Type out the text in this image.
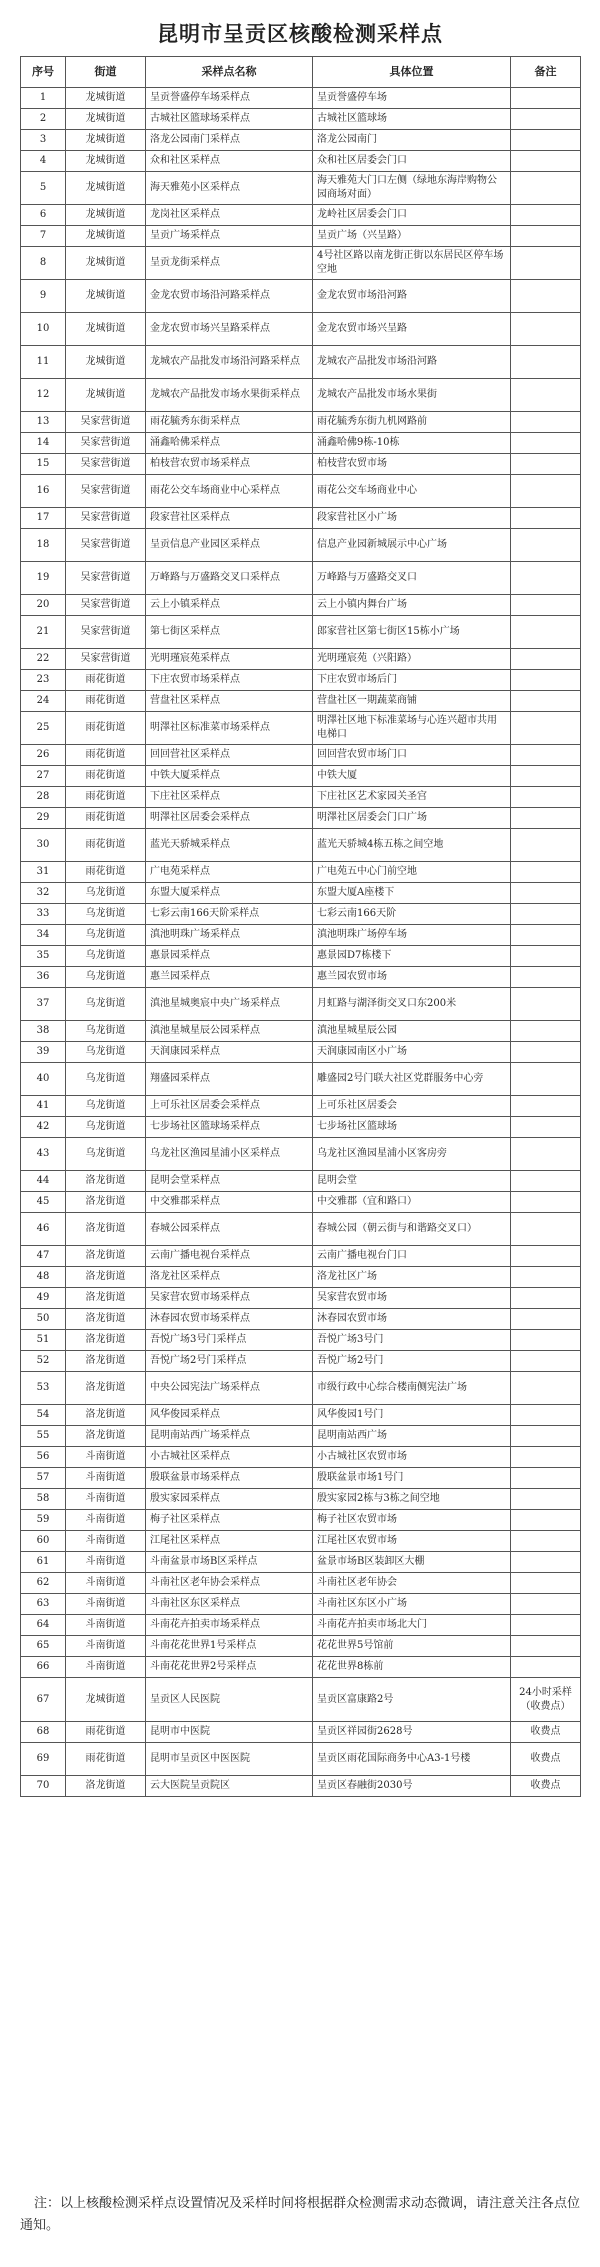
昆明市呈贡区核酸检测采样点
序号	街道	采样点名称	具体位置	备注
1	龙城街道	呈贡誉盛停车场采样点	呈贡誉盛停车场	
2	龙城街道	古城社区篮球场采样点	古城社区篮球场	
3	龙城街道	洛龙公园南门采样点	洛龙公园南门	
4	龙城街道	众和社区采样点	众和社区居委会门口	
5	龙城街道	海天雅苑小区采样点	海天雅苑大门口左侧（绿地东海岸购物公园商场对面）	
6	龙城街道	龙岗社区采样点	龙岭社区居委会门口	
7	龙城街道	呈贡广场采样点	呈贡广场（兴呈路）	
8	龙城街道	呈贡龙街采样点	4号社区路以南龙街正街以东居民区停车场空地	
9	龙城街道	金龙农贸市场沿河路采样点	金龙农贸市场沿河路	
10	龙城街道	金龙农贸市场兴呈路采样点	金龙农贸市场兴呈路	
11	龙城街道	龙城农产品批发市场沿河路采样点	龙城农产品批发市场沿河路	
12	龙城街道	龙城农产品批发市场水果街采样点	龙城农产品批发市场水果街	
13	吴家营街道	雨花毓秀东街采样点	雨花毓秀东街九机网路前	
14	吴家营街道	涌鑫哈佛采样点	涌鑫哈佛9栋-10栋	
15	吴家营街道	柏枝营农贸市场采样点	柏枝营农贸市场	
16	吴家营街道	雨花公交车场商业中心采样点	雨花公交车场商业中心	
17	吴家营街道	段家营社区采样点	段家营社区小广场	
18	吴家营街道	呈贡信息产业园区采样点	信息产业园新城展示中心广场	
19	吴家营街道	万峰路与万盛路交叉口采样点	万峰路与万盛路交叉口	
20	吴家营街道	云上小镇采样点	云上小镇内舞台广场	
21	吴家营街道	第七街区采样点	郎家营社区第七街区15栋小广场	
22	吴家营街道	光明瑾宸苑采样点	光明瑾宸苑（兴阳路）	
23	雨花街道	下庄农贸市场采样点	下庄农贸市场后门	
24	雨花街道	营盘社区采样点	营盘社区一期蔬菜商铺	
25	雨花街道	明澤社区标准菜市场采样点	明澤社区地下标准菜场与心连兴超市共用电梯口	
26	雨花街道	回回营社区采样点	回回营农贸市场门口	
27	雨花街道	中铁大厦采样点	中铁大厦	
28	雨花街道	下庄社区采样点	下庄社区艺术家园关圣宫	
29	雨花街道	明澤社区居委会采样点	明澤社区居委会门口广场	
30	雨花街道	蓝光天骄城采样点	蓝光天骄城4栋五栋之间空地	
31	雨花街道	广电苑采样点	广电苑五中心门前空地	
32	乌龙街道	东盟大厦采样点	东盟大厦A座楼下	
33	乌龙街道	七彩云南166天阶采样点	七彩云南166天阶	
34	乌龙街道	滇池明珠广场采样点	滇池明珠广场停车场	
35	乌龙街道	惠景园采样点	惠景园D7栋楼下	
36	乌龙街道	惠兰园采样点	惠兰园农贸市场	
37	乌龙街道	滇池星城奥宸中央广场采样点	月虹路与湖泽街交叉口东200米	
38	乌龙街道	滇池星城星辰公园采样点	滇池星城星辰公园	
39	乌龙街道	天润康园采样点	天润康园南区小广场	
40	乌龙街道	翔盛园采样点	雕盛园2号门联大社区党群服务中心旁	
41	乌龙街道	上可乐社区居委会采样点	上可乐社区居委会	
42	乌龙街道	七步场社区篮球场采样点	七步场社区篮球场	
43	乌龙街道	乌龙社区渔园星浦小区采样点	乌龙社区渔园星浦小区客房旁	
44	洛龙街道	昆明会堂采样点	昆明会堂	
45	洛龙街道	中交雅郡采样点	中交雅郡（宜和路口）	
46	洛龙街道	春城公园采样点	春城公园（朝云街与和谐路交叉口）	
47	洛龙街道	云南广播电视台采样点	云南广播电视台门口	
48	洛龙街道	洛龙社区采样点	洛龙社区广场	
49	洛龙街道	吴家营农贸市场采样点	吴家营农贸市场	
50	洛龙街道	沐春园农贸市场采样点	沐春园农贸市场	
51	洛龙街道	吾悦广场3号门采样点	吾悦广场3号门	
52	洛龙街道	吾悦广场2号门采样点	吾悦广场2号门	
53	洛龙街道	中央公园宪法广场采样点	市级行政中心综合楼南侧宪法广场	
54	洛龙街道	风华俊园采样点	风华俊园1号门	
55	洛龙街道	昆明南站西广场采样点	昆明南站西广场	
56	斗南街道	小古城社区采样点	小古城社区农贸市场	
57	斗南街道	殷联盆景市场采样点	殷联盆景市场1号门	
58	斗南街道	殷实家园采样点	殷实家园2栋与3栋之间空地	
59	斗南街道	梅子社区采样点	梅子社区农贸市场	
60	斗南街道	江尾社区采样点	江尾社区农贸市场	
61	斗南街道	斗南盆景市场B区采样点	盆景市场B区装卸区大棚	
62	斗南街道	斗南社区老年协会采样点	斗南社区老年协会	
63	斗南街道	斗南社区东区采样点	斗南社区东区小广场	
64	斗南街道	斗南花卉拍卖市场采样点	斗南花卉拍卖市场北大门	
65	斗南街道	斗南花花世界1号采样点	花花世界5号馆前	
66	斗南街道	斗南花花世界2号采样点	花花世界8栋前	
67	龙城街道	呈贡区人民医院	呈贡区富康路2号	24小时采样（收费点）
68	雨花街道	昆明市中医院	呈贡区祥园街2628号	收费点
69	雨花街道	昆明市呈贡区中医医院	呈贡区雨花国际商务中心A3-1号楼	收费点
70	洛龙街道	云大医院呈贡院区	呈贡区春融街2030号	收费点
注：以上核酸检测采样点设置情况及采样时间将根据群众检测需求动态微调，请注意关注各点位通知。
